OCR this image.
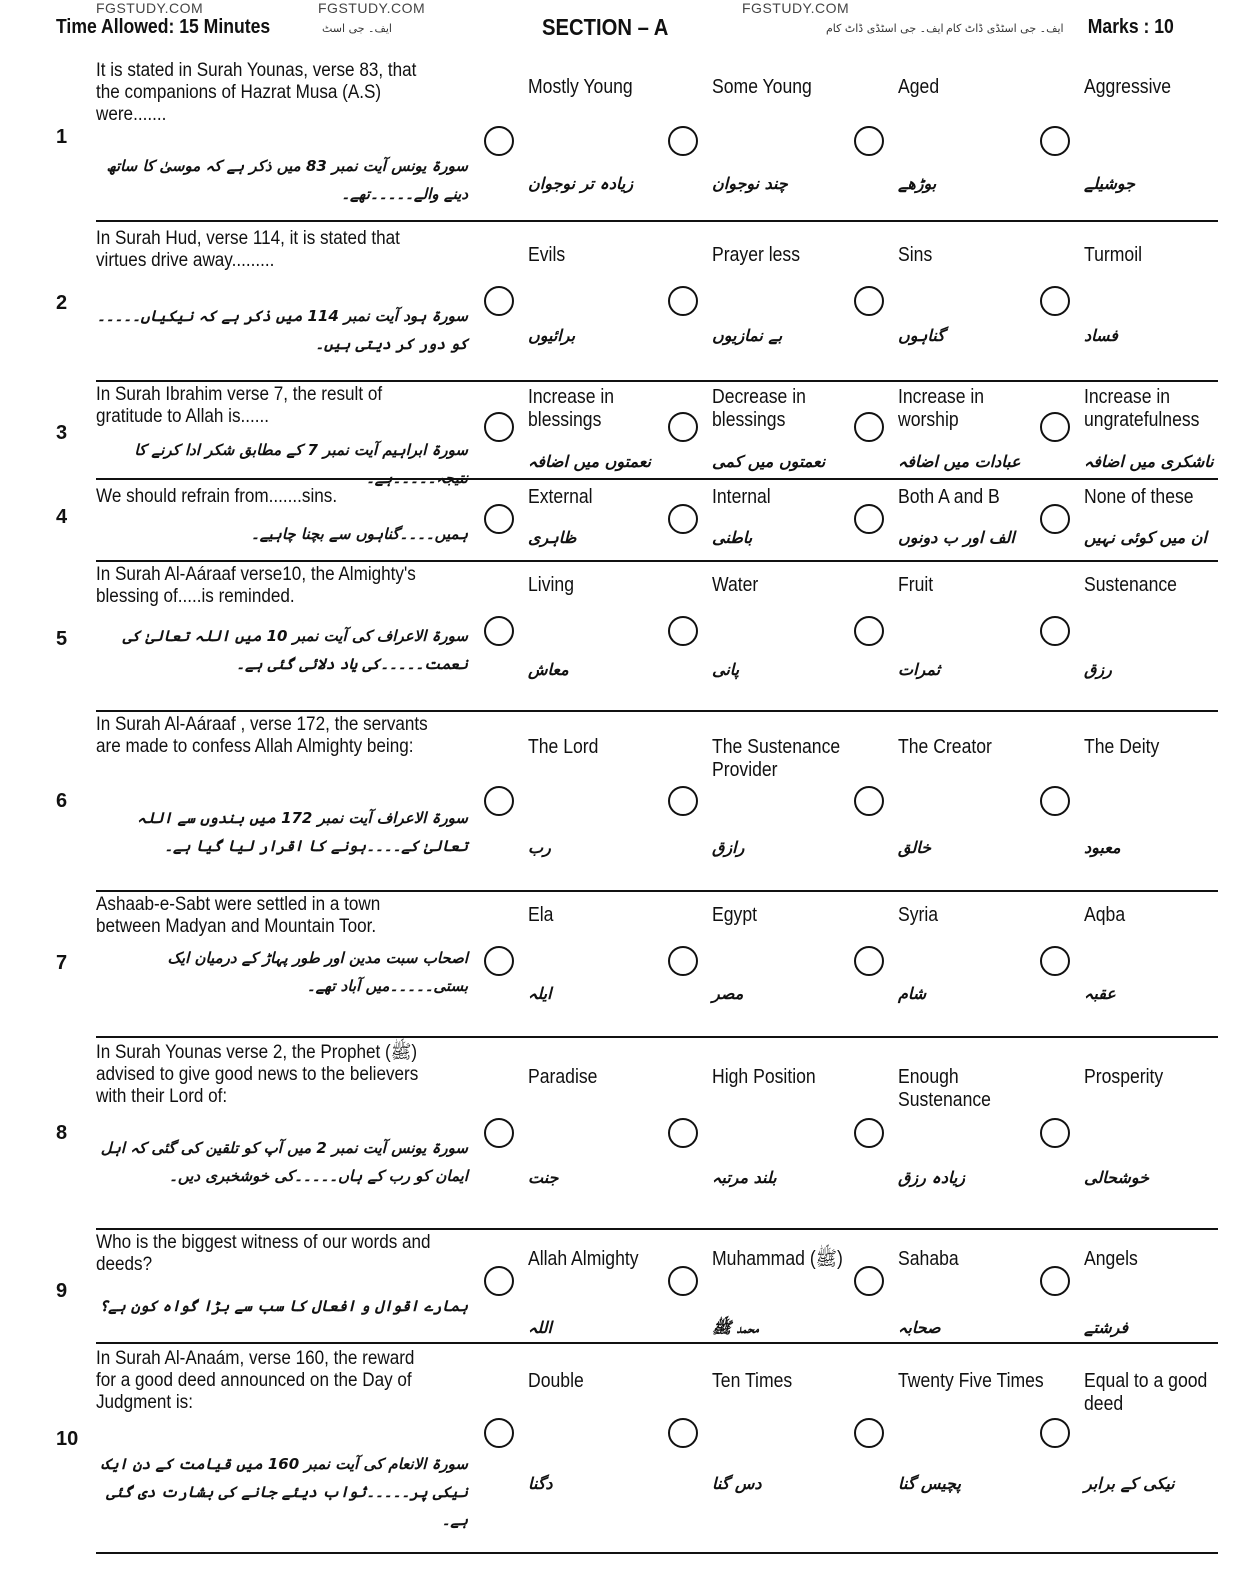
FGSTUDY.COM	FGSTUDY.COM	FGSTUDY.COM
Time Allowed: 15 Minutes	ایف۔ جی اسٹ	SECTION – A	ایف۔ جی اسٹڈی ڈاٹ کام ایف۔ جی اسٹڈی ڈاٹ کام Marks : 10
1
It is stated in Surah Younas, verse 83, that the companions of Hazrat Musa (A.S) were.......
سورۃ یونس آیت نمبر 83 میں ذکر ہے کہ موسیٰ کا ساتھ دینے والے۔۔۔۔۔تھے۔
Mostly Young
زیادہ تر نوجوان
Some Young
چند نوجوان
Aged
بوڑھے
Aggressive
جوشیلے
2
In Surah Hud, verse 114, it is stated that virtues drive away.........
سورۃ ہود آیت نمبر 114 میں ذکر ہے کہ نیکیاں۔۔۔۔۔کو دور کر دیتی ہیں۔
Evils
برائیوں
Prayer less
بے نمازیوں
Sins
گناہوں
Turmoil
فساد
3
In Surah Ibrahim verse 7, the result of gratitude to Allah is......
سورۃ ابراہیم آیت نمبر 7 کے مطابق شکر ادا کرنے کا نتیجہ۔۔۔۔۔ہے۔
Increase in blessings
نعمتوں میں اضافہ
Decrease in blessings
نعمتوں میں کمی
Increase in worship
عبادات میں اضافہ
Increase in ungratefulness
ناشکری میں اضافہ
4
We should refrain from.......sins.
ہمیں۔۔۔۔گناہوں سے بچنا چاہیے۔
External
ظاہری
Internal
باطنی
Both A and B
الف اور ب دونوں
None of these
ان میں کوئی نہیں
5
In Surah Al-Aáraaf verse10, the Almighty's blessing of.....is reminded.
سورۃ الاعراف کی آیت نمبر 10 میں اللہ تعالیٰ کی نعمت۔۔۔۔۔کی یاد دلائی گئی ہے۔
Living
معاش
Water
پانی
Fruit
ثمرات
Sustenance
رزق
6
In Surah Al-Aáraaf , verse 172, the servants are made to confess Allah Almighty being:
سورۃ الاعراف آیت نمبر 172 میں بندوں سے اللہ تعالیٰ کے۔۔۔۔ہونے کا اقرار لیا گیا ہے۔
The Lord
رب
The Sustenance Provider
رازق
The Creator
خالق
The Deity
معبود
7
Ashaab-e-Sabt were settled in a town between Madyan and Mountain Toor.
اصحاب سبت مدین اور طور پہاڑ کے درمیان ایک بستی۔۔۔۔۔میں آباد تھے۔
Ela
ایلہ
Egypt
مصر
Syria
شام
Aqba
عقبہ
8
In Surah Younas verse 2, the Prophet (ﷺ) advised to give good news to the believers with their Lord of:
سورۃ یونس آیت نمبر 2 میں آپ کو تلقین کی گئی کہ اہل ایمان کو رب کے ہاں۔۔۔۔۔کی خوشخبری دیں۔
Paradise
جنت
High Position
بلند مرتبہ
Enough Sustenance
زیادہ رزق
Prosperity
خوشحالی
9
Who is the biggest witness of our words and deeds?
ہمارے اقوال و افعال کا سب سے بڑا گواہ کون ہے؟
Allah Almighty
اللہ
Muhammad (ﷺ)
محمد ﷺ
Sahaba
صحابہ
Angels
فرشتے
10
In Surah Al-Anaám, verse 160, the reward for a good deed announced on the Day of Judgment is:
سورۃ الانعام کی آیت نمبر 160 میں قیامت کے دن ایک نیکی پر۔۔۔۔۔ثواب دیئے جانے کی بشارت دی گئی ہے۔
Double
دگنا
Ten Times
دس گنا
Twenty Five Times
پچیس گنا
Equal to a good deed
نیکی کے برابر
